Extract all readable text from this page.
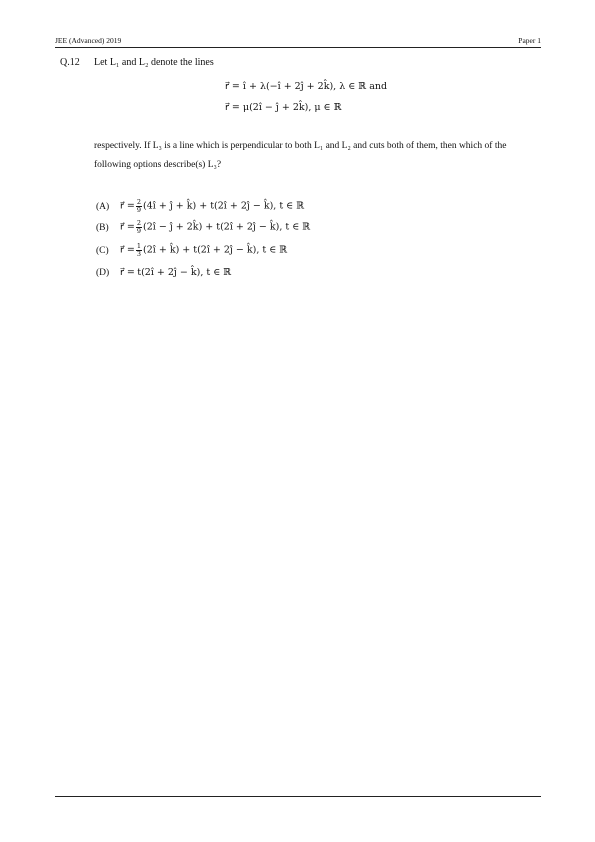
JEE (Advanced) 2019	Paper 1
Q.12 Let L₁ and L₂ denote the lines
r⃗ = î + λ(−î + 2ĵ + 2k̂), λ ∈ ℝ and
r⃗ = μ(2î − ĵ + 2k̂), μ ∈ ℝ
respectively. If L₃ is a line which is perpendicular to both L₁ and L₂ and cuts both of them, then which of the following options describe(s) L₃?
(A) r⃗ = $\frac{2}{9}$ (4î + ĵ + k̂) + t(2î + 2ĵ − k̂), t ∈ ℝ
(B) r⃗ = $\frac{2}{9}$ (2î − ĵ + 2k̂) + t(2î + 2ĵ − k̂), t ∈ ℝ
(C) r⃗ = $\frac{1}{3}$ (2î + k̂) + t(2î + 2ĵ − k̂), t ∈ ℝ
(D) r⃗ = t(2î + 2ĵ − k̂), t ∈ ℝ
